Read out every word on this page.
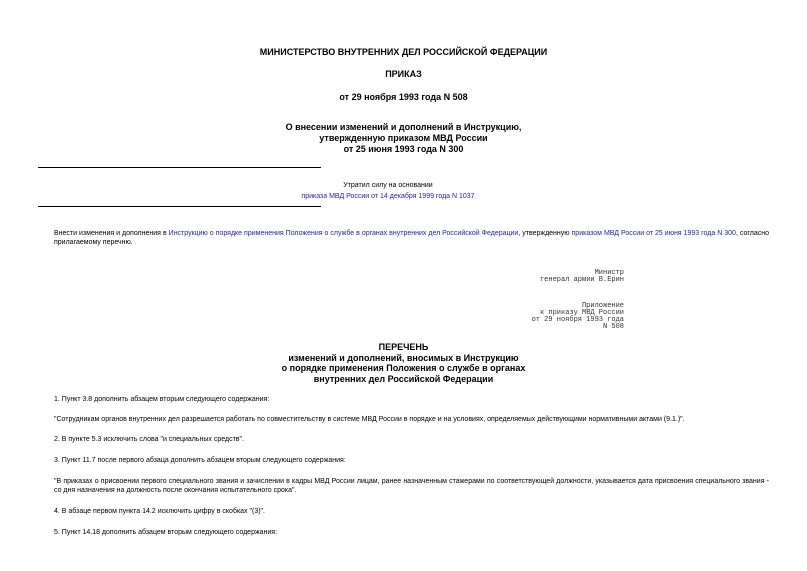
МИНИСТЕРСТВО ВНУТРЕННИХ ДЕЛ РОССИЙСКОЙ ФЕДЕРАЦИИ
ПРИКАЗ
от 29 ноября 1993 года N 508
О внесении изменений и дополнений в Инструкцию,
утвержденную приказом МВД России
от 25 июня 1993 года N 300
Утратил силу на основании
приказа МВД России от 14 декабря 1999 года N 1037
Внести изменения и дополнения в Инструкцию о порядке применения Положения о службе в органах внутренних дел Российской Федерации, утвержденную приказом МВД России от 25 июня 1993 года N 300, согласно прилагаемому перечню.
Министр
генерал армии В.Ерин
Приложение
к приказу МВД России
от 29 ноября 1993 года
N 508
ПЕРЕЧЕНЬ
изменений и дополнений, вносимых в Инструкцию
о порядке применения Положения о службе в органах
внутренних дел Российской Федерации
1. Пункт 3.8 дополнить абзацем вторым следующего содержания:
"Сотрудникам органов внутренних дел разрешается работать по совместительству в системе МВД России в порядке и на условиях, определяемых действующими нормативными актами (9.1.)".
2. В пункте 5.3 исключить слова "и специальных средств".
3. Пункт 11.7 после первого абзаца дополнить абзацем вторым следующего содержания:
"В приказах о присвоении первого специального звания и зачислении в кадры МВД России лицам, ранее назначенным стажерами по соответствующей должности, указывается дата присвоения специального звания - со дня назначения на должность после окончания испытательного срока".
4. В абзаце первом пункта 14.2 исключить цифру в скобках "(3)".
5. Пункт 14.18 дополнить абзацем вторым следующего содержания:
